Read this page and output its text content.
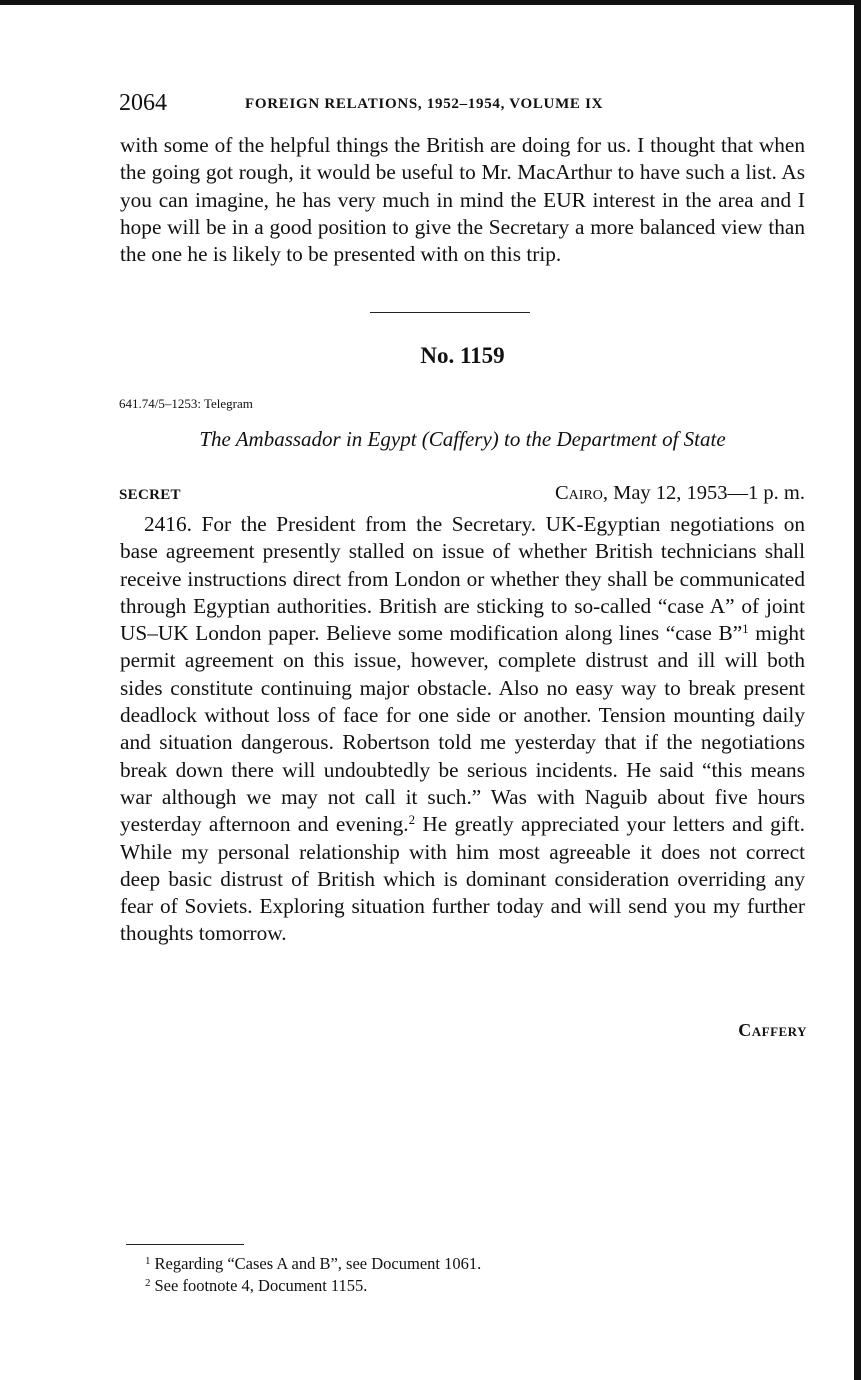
2064	FOREIGN RELATIONS, 1952–1954, VOLUME IX

with some of the helpful things the British are doing for us. I thought that when the going got rough, it would be useful to Mr. MacArthur to have such a list. As you can imagine, he has very much in mind the EUR interest in the area and I hope will be in a good position to give the Secretary a more balanced view than the one he is likely to be presented with on this trip.

No. 1159
641.74/5–1253: Telegram
The Ambassador in Egypt (Caffery) to the Department of State
SECRET	Cairo, May 12, 1953—1 p. m.

2416. For the President from the Secretary. UK-Egyptian negotiations on base agreement presently stalled on issue of whether British technicians shall receive instructions direct from London or whether they shall be communicated through Egyptian authorities. British are sticking to so-called “case A” of joint US–UK London paper. Believe some modification along lines “case B”$^1$ might permit agreement on this issue, however, complete distrust and ill will both sides constitute continuing major obstacle. Also no easy way to break present deadlock without loss of face for one side or another. Tension mounting daily and situation dangerous. Robertson told me yesterday that if the negotiations break down there will undoubtedly be serious incidents. He said “this means war although we may not call it such.” Was with Naguib about five hours yesterday afternoon and evening.$^2$ He greatly appreciated your letters and gift. While my personal relationship with him most agreeable it does not correct deep basic distrust of British which is dominant consideration overriding any fear of Soviets. Exploring situation further today and will send you my further thoughts tomorrow.

Caffery
$^1$ Regarding “Cases A and B”, see Document 1061.
$^2$ See footnote 4, Document 1155.
